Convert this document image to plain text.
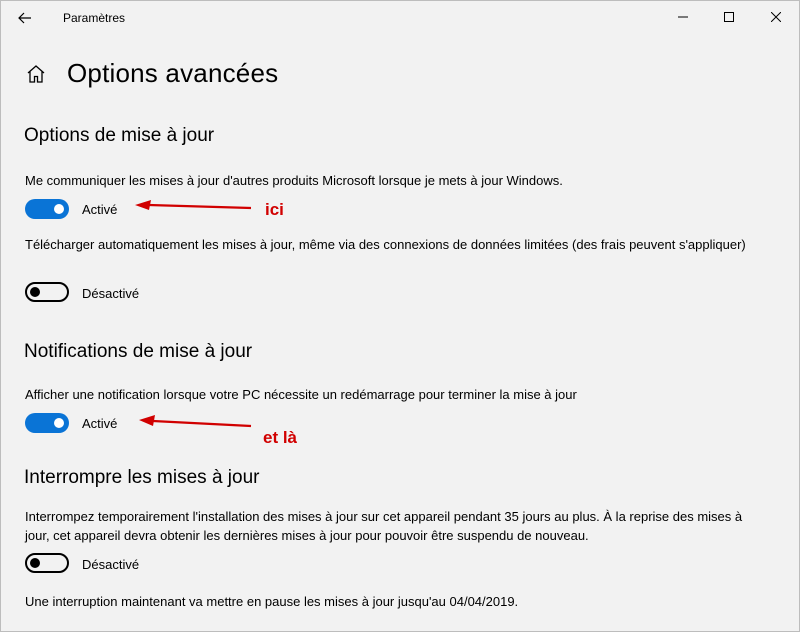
Paramètres
Options avancées
Options de mise à jour
Me communiquer les mises à jour d'autres produits Microsoft lorsque je mets à jour Windows.
Activé	ici
Télécharger automatiquement les mises à jour, même via des connexions de données limitées (des frais peuvent s'appliquer)
Désactivé
Notifications de mise à jour
Afficher une notification lorsque votre PC nécessite un redémarrage pour terminer la mise à jour
Activé
et là
Interrompre les mises à jour
Interrompez temporairement l'installation des mises à jour sur cet appareil pendant 35 jours au plus. À la reprise des mises à jour, cet appareil devra obtenir les dernières mises à jour pour pouvoir être suspendu de nouveau.
Désactivé
Une interruption maintenant va mettre en pause les mises à jour jusqu'au 04/04/2019.
